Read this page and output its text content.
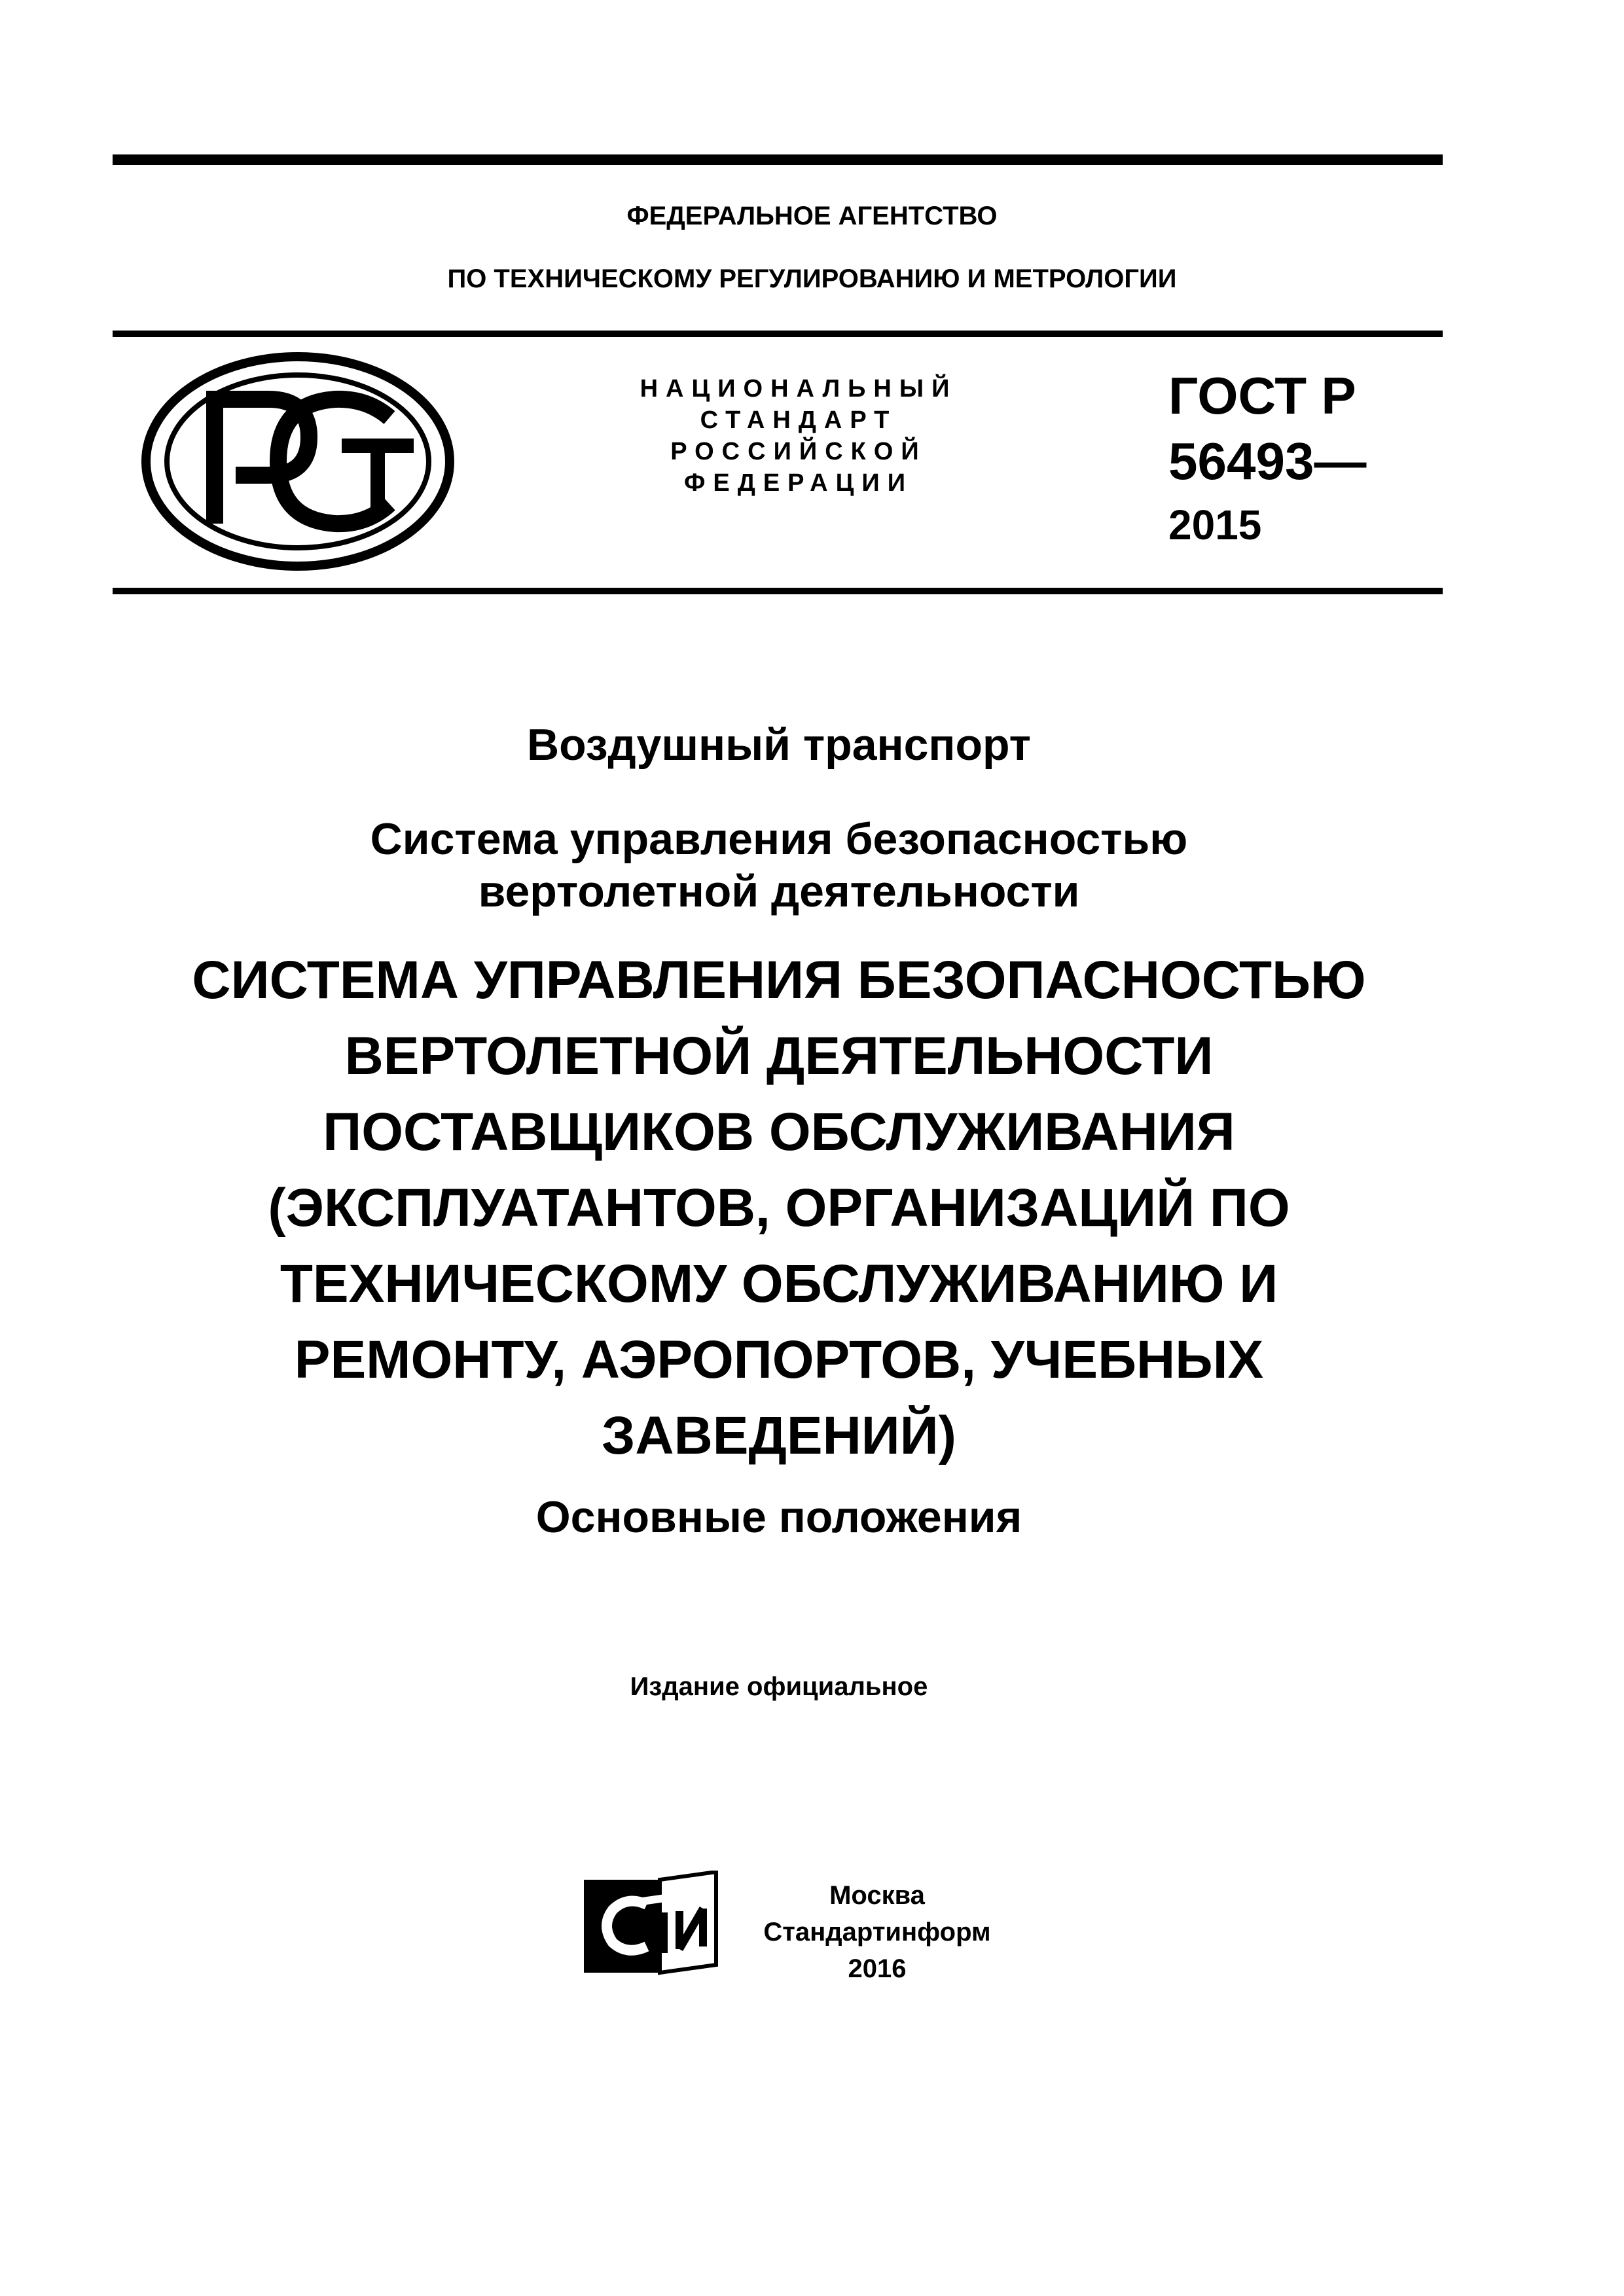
ФЕДЕРАЛЬНОЕ АГЕНТСТВО
ПО ТЕХНИЧЕСКОМУ РЕГУЛИРОВАНИЮ И МЕТРОЛОГИИ
НАЦИОНАЛЬНЫЙ
СТАНДАРТ
РОССИЙСКОЙ
ФЕДЕРАЦИИ
ГОСТ Р
56493—
2015
Воздушный транспорт
Система управления безопасностью
вертолетной деятельности
СИСТЕМА УПРАВЛЕНИЯ БЕЗОПАСНОСТЬЮ
ВЕРТОЛЕТНОЙ ДЕЯТЕЛЬНОСТИ
ПОСТАВЩИКОВ ОБСЛУЖИВАНИЯ
(ЭКСПЛУАТАНТОВ, ОРГАНИЗАЦИЙ ПО
ТЕХНИЧЕСКОМУ ОБСЛУЖИВАНИЮ И
РЕМОНТУ, АЭРОПОРТОВ, УЧЕБНЫХ
ЗАВЕДЕНИЙ)
Основные положения
Издание официальное
Москва
Стандартинформ
2016
